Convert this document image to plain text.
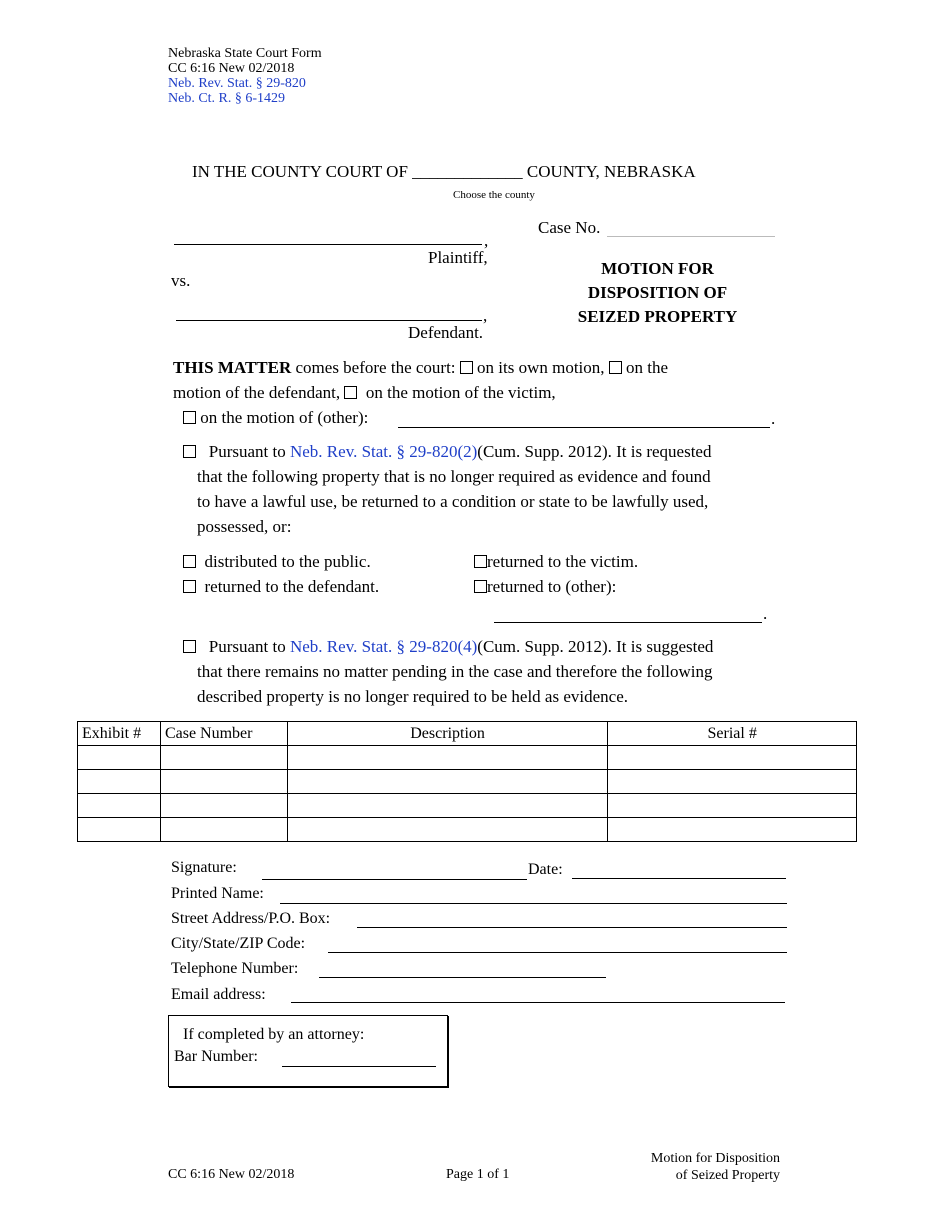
Nebraska State Court Form
CC 6:16 New 02/2018
Neb. Rev. Stat. § 29-820
Neb. Ct. R. § 6-1429
IN THE COUNTY COURT OF _____________ COUNTY, NEBRASKA
Choose the county
Case No.
,
Plaintiff,
vs.
,
Defendant.
MOTION FOR
DISPOSITION OF
SEIZED PROPERTY
THIS MATTER comes before the court: on its own motion, on the
motion of the defendant, on the motion of the victim,
on the motion of (other):	.
Pursuant to Neb. Rev. Stat. § 29-820(2)(Cum. Supp. 2012). It is requested
that the following property that is no longer required as evidence and found
to have a lawful use, be returned to a condition or state to be lawfully used,
possessed, or:
distributed to the public.
returned to the defendant.
returned to the victim.
returned to (other):
.
Pursuant to Neb. Rev. Stat. § 29-820(4)(Cum. Supp. 2012). It is suggested
that there remains no matter pending in the case and therefore the following
described property is no longer required to be held as evidence.
Exhibit #	Case Number	Description	Serial #

Signature:	Date:
Printed Name:
Street Address/P.O. Box:
City/State/ZIP Code:
Telephone Number:
Email address:
If completed by an attorney:
Bar Number:
CC 6:16 New 02/2018	Page 1 of 1
Motion for Disposition
of Seized Property
